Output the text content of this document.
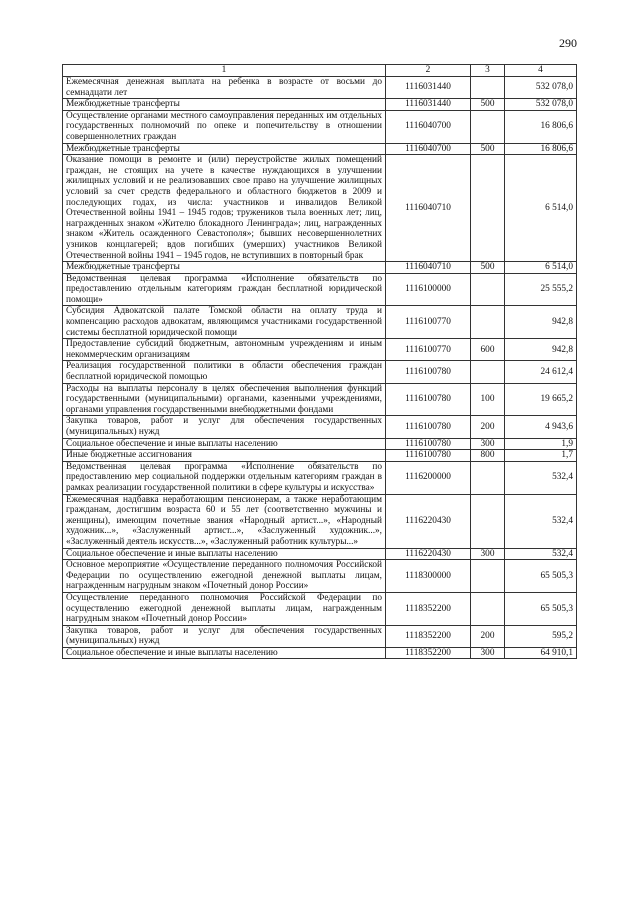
290
1	2	3	4
Ежемесячная денежная выплата на ребенка в возрасте от восьми до семнадцати лет	1116031440		532 078,0
Межбюджетные трансферты	1116031440	500	532 078,0
Осуществление органами местного самоуправления переданных им отдельных государственных полномочий по опеке и попечительству в отношении совершеннолетних граждан	1116040700		16 806,6
Межбюджетные трансферты	1116040700	500	16 806,6
Оказание помощи в ремонте и (или) переустройстве жилых помещений граждан, не стоящих на учете в качестве нуждающихся в улучшении жилищных условий и не реализовавших свое право на улучшение жилищных условий за счет средств федерального и областного бюджетов в 2009 и последующих годах, из числа: участников и инвалидов Великой Отечественной войны 1941 – 1945 годов; тружеников тыла военных лет; лиц, награжденных знаком «Жителю блокадного Ленинграда»; лиц, награжденных знаком «Житель осажденного Севастополя»; бывших несовершеннолетних узников концлагерей; вдов погибших (умерших) участников Великой Отечественной войны 1941 – 1945 годов, не вступивших в повторный брак	1116040710		6 514,0
Межбюджетные трансферты	1116040710	500	6 514,0
Ведомственная целевая программа «Исполнение обязательств по предоставлению отдельным категориям граждан бесплатной юридической помощи»	1116100000		25 555,2
Субсидия Адвокатской палате Томской области на оплату труда и компенсацию расходов адвокатам, являющимся участниками государственной системы бесплатной юридической помощи	1116100770		942,8
Предоставление субсидий бюджетным, автономным учреждениям и иным некоммерческим организациям	1116100770	600	942,8
Реализация государственной политики в области обеспечения граждан бесплатной юридической помощью	1116100780		24 612,4
Расходы на выплаты персоналу в целях обеспечения выполнения функций государственными (муниципальными) органами, казенными учреждениями, органами управления государственными внебюджетными фондами	1116100780	100	19 665,2
Закупка товаров, работ и услуг для обеспечения государственных (муниципальных) нужд	1116100780	200	4 943,6
Социальное обеспечение и иные выплаты населению	1116100780	300	1,9
Иные бюджетные ассигнования	1116100780	800	1,7
Ведомственная целевая программа «Исполнение обязательств по предоставлению мер социальной поддержки отдельным категориям граждан в рамках реализации государственной политики в сфере культуры и искусства»	1116200000		532,4
Ежемесячная надбавка неработающим пенсионерам, а также неработающим гражданам, достигшим возраста 60 и 55 лет (соответственно мужчины и женщины), имеющим почетные звания «Народный артист...», «Народный художник...», «Заслуженный артист...», «Заслуженный художник...», «Заслуженный деятель искусств...», «Заслуженный работник культуры...»	1116220430		532,4
Социальное обеспечение и иные выплаты населению	1116220430	300	532,4
Основное мероприятие «Осуществление переданного полномочия Российской Федерации по осуществлению ежегодной денежной выплаты лицам, награжденным нагрудным знаком «Почетный донор России»	1118300000		65 505,3
Осуществление переданного полномочия Российской Федерации по осуществлению ежегодной денежной выплаты лицам, награжденным нагрудным знаком «Почетный донор России»	1118352200		65 505,3
Закупка товаров, работ и услуг для обеспечения государственных (муниципальных) нужд	1118352200	200	595,2
Социальное обеспечение и иные выплаты населению	1118352200	300	64 910,1
